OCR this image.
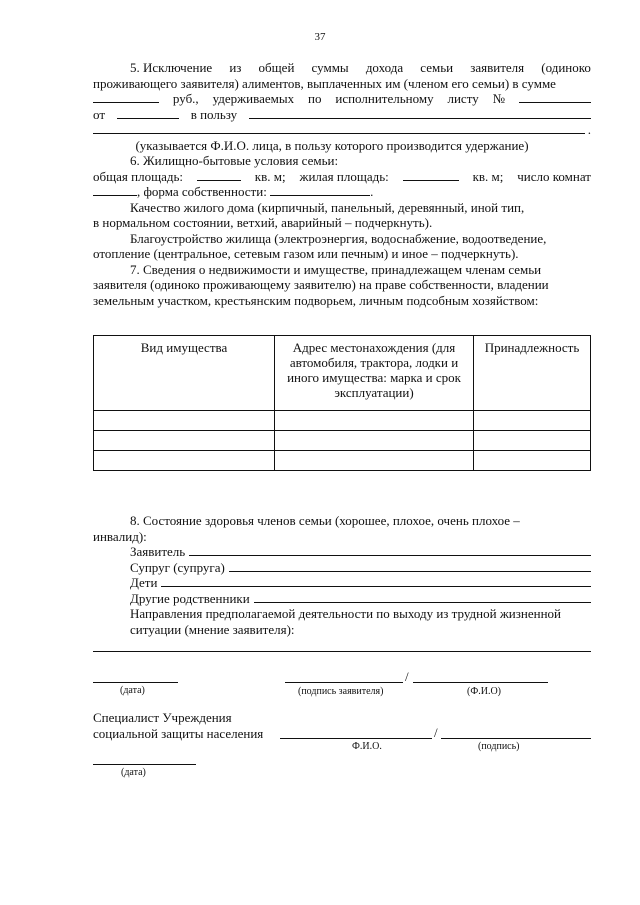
37
5. Исключение из общей суммы дохода семьи заявителя (одиноко
проживающего заявителя) алиментов, выплаченных им (членом его семьи) в сумме
руб., удерживаемых по исполнительному листу №
от	в пользу
.
(указывается Ф.И.О. лица, в пользу которого производится удержание)
6. Жилищно-бытовые условия семьи:
общая площадь:	кв. м; жилая площадь:	кв. м; число комнат
, форма собственности:	.
Качество жилого дома (кирпичный, панельный, деревянный, иной тип,
в нормальном состоянии, ветхий, аварийный – подчеркнуть).
Благоустройство жилища (электроэнергия, водоснабжение, водоотведение,
отопление (центральное, сетевым газом или печным) и иное – подчеркнуть).
7. Сведения о недвижимости и имуществе, принадлежащем членам семьи
заявителя (одиноко проживающему заявителю) на праве собственности, владении
земельным участком, крестьянским подворьем, личным подсобным хозяйством:
Вид имущества	Адрес местонахождения (для автомобиля, трактора, лодки и иного имущества: марка и срок эксплуатации)	Принадлежность

8. Состояние здоровья членов семьи (хорошее, плохое, очень плохое –
инвалид):
Заявитель
Супруг (супруга)
Дети
Другие родственники
Направления предполагаемой деятельности по выходу из трудной жизненной
ситуации (мнение заявителя):
(дата)
/
(подпись заявителя)	(Ф.И.О)
Специалист Учреждения
социальной защиты населения	/
Ф.И.О.	(подпись)
(дата)
